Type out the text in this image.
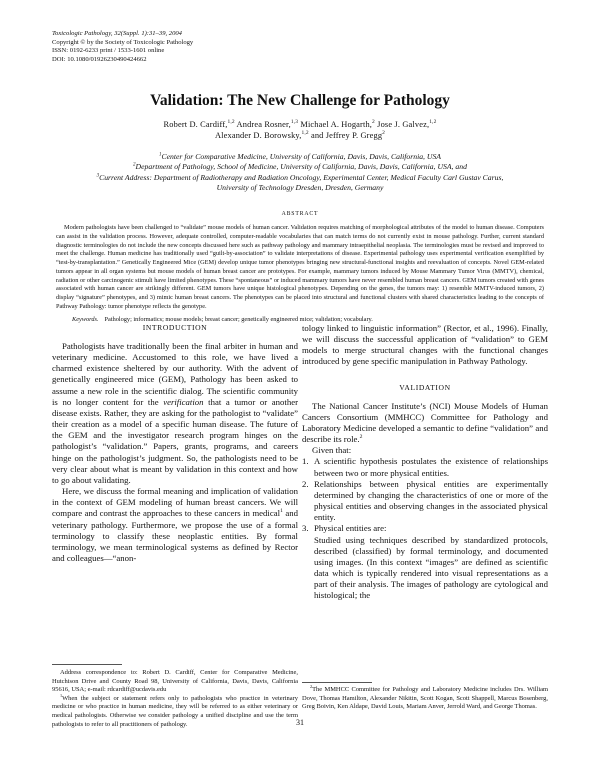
Toxicologic Pathology, 32(Suppl. 1):31–39, 2004
Copyright © by the Society of Toxicologic Pathology
ISSN: 0192-6233 print / 1533-1601 online
DOI: 10.1080/01926230490424662
Validation: The New Challenge for Pathology
Robert D. Cardiff,$^{1,2}$ Andrea Rosner,$^{1,3}$ Michael A. Hogarth,$^2$ Jose J. Galvez,$^{1,2}$
Alexander D. Borowsky,$^{1,2}$ and Jeffrey P. Gregg$^2$
$^1$Center for Comparative Medicine, University of California, Davis, Davis, California, USA
$^2$Department of Pathology, School of Medicine, University of California, Davis, Davis, California, USA, and
$^3$Current Address: Department of Radiotherapy and Radiation Oncology, Experimental Center, Medical Faculty Carl Gustav Carus,
University of Technology Dresden, Dresden, Germany
ABSTRACT
Modern pathologists have been challenged to “validate” mouse models of human cancer. Validation requires matching of morphological attributes of the model to human disease. Computers can assist in the validation process. However, adequate controlled, computer-readable vocabularies that can match terms do not currently exist in mouse pathology. Further, current standard diagnostic terminologies do not include the new concepts discussed here such as pathway pathology and mammary intraepithelial neoplasia. The terminologies must be revised and improved to meet the challenge. Human medicine has traditionally used “guilt-by-association” to validate interpretations of disease. Experimental pathology uses experimental verification exemplified by “test-by-transplantation.” Genetically Engineered Mice (GEM) develop unique tumor phenotypes bringing new structural-functional insights and reevaluation of concepts. Novel GEM-related tumors appear in all organ systems but mouse models of human breast cancer are prototypes. For example, mammary tumors induced by Mouse Mammary Tumor Virus (MMTV), chemical, radiation or other carcinogenic stimuli have limited phenotypes. These “spontaneous” or induced mammary tumors have never resembled human breast cancers. GEM tumors created with genes associated with human cancer are strikingly different. GEM tumors have unique histological phenotypes. Depending on the genes, the tumors may: 1) resemble MMTV-induced tumors, 2) display “signature” phenotypes, and 3) mimic human breast cancers. The phenotypes can be placed into structural and functional clusters with shared characteristics leading to the concepts of Pathway Pathology: tumor phenotype reflects the genotype.
Keywords. Pathology; informatics; mouse models; breast cancer; genetically engineered mice; validation; vocabulary.
INTRODUCTION

Pathologists have traditionally been the final arbiter in human and veterinary medicine. Accustomed to this role, we have lived a charmed existence sheltered by our authority. With the advent of genetically engineered mice (GEM), Pathology has been asked to assume a new role in the scientific dialog. The scientific community is no longer content for the verification that a tumor or another disease exists. Rather, they are asking for the pathologist to “validate” their creation as a model of a specific human disease. The future of the GEM and the investigator research program hinges on the pathologist’s “validation.” Papers, grants, programs, and careers hinge on the pathologist’s judgment. So, the pathologists need to be very clear about what is meant by validation in this context and how to go about validating.

Here, we discuss the formal meaning and implication of validation in the context of GEM modeling of human breast cancers. We will compare and contrast the approaches to these cancers in medical$^1$ and veterinary pathology. Furthermore, we propose the use of a formal terminology to classify these neoplastic entities. By formal terminology, we mean terminological systems as defined by Rector and colleagues—“anon-

Address correspondence to: Robert D. Cardiff, Center for Comparative Medicine, Hutchison Drive and County Road 98, University of California, Davis, Davis, California 95616, USA; e-mail: rdcardiff@ucdavis.edu

$^1$When the subject or statement refers only to pathologists who practice in veterinary medicine or who practice in human medicine, they will be referred to as either veterinary or medical pathologists. Otherwise we consider pathology a unified discipline and use the term pathologists to refer to all practitioners of pathology.

tology linked to linguistic information” (Rector, et al., 1996). Finally, we will discuss the successful application of “validation” to GEM models to merge structural changes with the functional changes introduced by gene specific manipulation in Pathway Pathology.

VALIDATION

The National Cancer Institute’s (NCI) Mouse Models of Human Cancers Consortium (MMHCC) Committee for Pathology and Laboratory Medicine developed a semantic to define “validation” and describe its role.$^2$

Given that:

1. A scientific hypothesis postulates the existence of relationships between two or more physical entities.
2. Relationships between physical entities are experimentally determined by changing the characteristics of one or more of the physical entities and observing changes in the associated physical entity.
3. Physical entities are:
Studied using techniques described by standardized protocols, described (classified) by formal terminology, and documented using images. (In this context “images” are defined as scientific data which is typically rendered into visual representations as a part of their analysis. The images of pathology are cytological and histological; the

$^2$The MMHCC Committee for Pathology and Laboratory Medicine includes Drs. William Dove, Thomas Hamilton, Alexander Nikitin, Scott Kogan, Scott Shappell, Marcus Bosenberg, Greg Boivin, Ken Aldape, David Louis, Mariam Anver, Jerrold Ward, and George Thomas.

31
